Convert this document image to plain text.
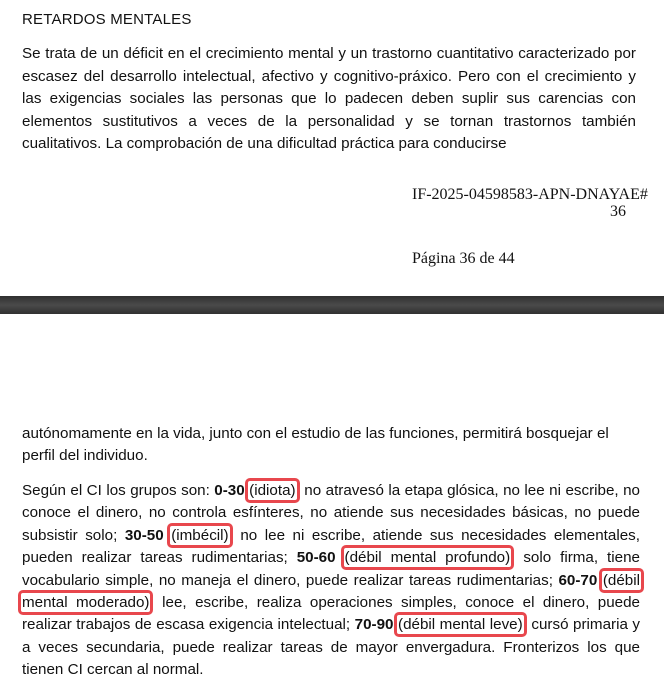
RETARDOS MENTALES
Se trata de un déficit en el crecimiento mental y un trastorno cuantitativo caracterizado por escasez del desarrollo intelectual, afectivo y cognitivo-práxico. Pero con el crecimiento y las exigencias sociales las personas que lo padecen deben suplir sus carencias con elementos sustitutivos a veces de la personalidad y se tornan trastornos también cualitativos. La comprobación de una dificultad práctica para conducirse
IF-2025-04598583-APN-DNAYAE#
36
Página 36 de 44
autónomamente en la vida, junto con el estudio de las funciones, permitirá bosquejar el perfil del individuo.
Según el CI los grupos son: 0-30 (idiota): no atravesó la etapa glósica, no lee ni escribe, no conoce el dinero, no controla esfínteres, no atiende sus necesidades básicas, no puede subsistir solo; 30-50 (imbécil): no lee ni escribe, atiende sus necesidades elementales, pueden realizar tareas rudimentarias; 50-60 (débil mental profundo): solo firma, tiene vocabulario simple, no maneja el dinero, puede realizar tareas rudimentarias; 60-70 (débil mental moderado): lee, escribe, realiza operaciones simples, conoce el dinero, puede realizar trabajos de escasa exigencia intelectual; 70-90 (débil mental leve): cursó primaria y a veces secundaria, puede realizar tareas de mayor envergadura. Fronterizos los que tienen CI cercan al normal.
